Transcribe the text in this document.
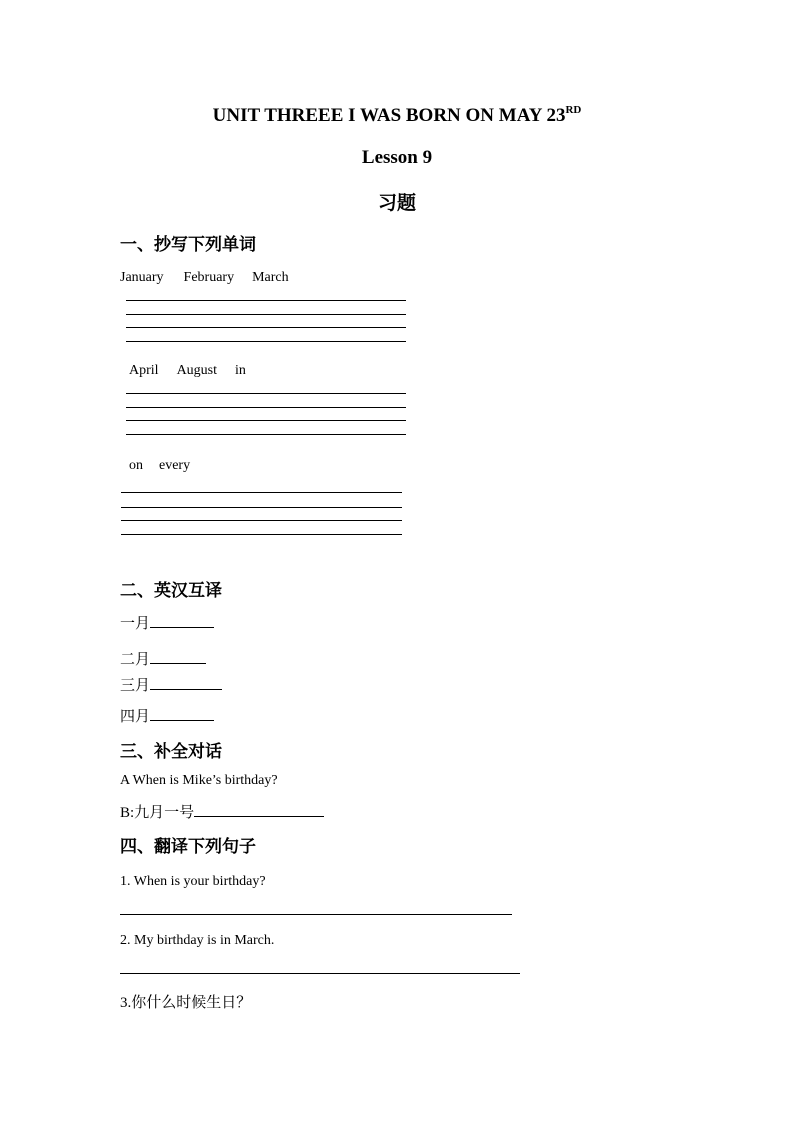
UNIT THREEE I WAS BORN ON MAY 23RD
Lesson 9
习题
一、抄写下列单词
January February March
April August in
on every
二、英汉互译
一月
二月
三月
四月
三、补全对话
A When is Mike’s birthday?
B:九月一号
四、翻译下列句子
1. When is your birthday?
2. My birthday is in March.
3.你什么时候生日？
